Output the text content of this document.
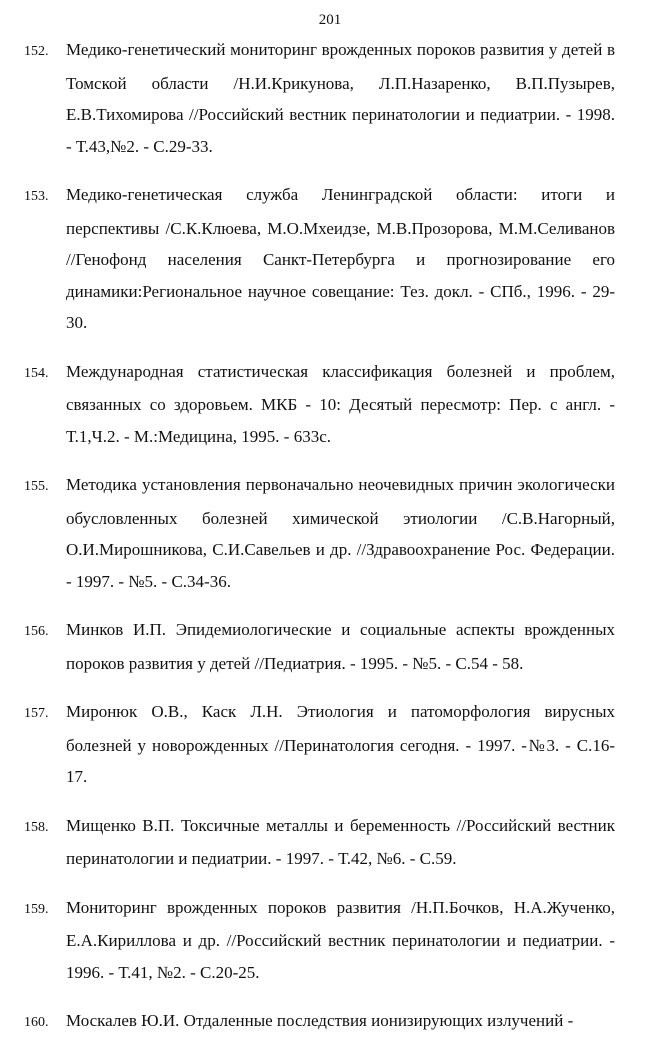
201

152. Медико-генетический мониторинг врожденных пороков развития у детей в Томской области /Н.И.Крикунова, Л.П.Назаренко, В.П.Пузырев, Е.В.Тихомирова //Российский вестник перинатологии и педиатрии. - 1998. - Т.43,№2. - С.29-33.

153. Медико-генетическая служба Ленинградской области: итоги и перспективы /С.К.Клюева, М.О.Мхеидзе, М.В.Прозорова, М.М.Селиванов //Генофонд населения Санкт-Петербурга и прогнозирование его динамики:Региональное научное совещание: Тез. докл. - СПб., 1996. - 29-30.

154. Международная статистическая классификация болезней и проблем, связанных со здоровьем. МКБ - 10: Десятый пересмотр: Пер. с англ. - Т.1,Ч.2. - М.:Медицина, 1995. - 633с.

155. Методика установления первоначально неочевидных причин экологически обусловленных болезней химической этиологии /С.В.Нагорный, О.И.Мирошникова, С.И.Савельев и др. //Здравоохранение Рос. Федерации. - 1997. - №5. - С.34-36.

156. Минков И.П. Эпидемиологические и социальные аспекты врожденных пороков развития у детей //Педиатрия. - 1995. - №5. - С.54 - 58.

157. Миронюк О.В., Каск Л.Н. Этиология и патоморфология вирусных болезней у новорожденных //Перинатология сегодня. - 1997. -№3. - С.16-17.

158. Мищенко В.П. Токсичные металлы и беременность //Российский вестник перинатологии и педиатрии. - 1997. - Т.42, №6. - С.59.

159. Мониторинг врожденных пороков развития /Н.П.Бочков, Н.А.Жученко, Е.А.Кириллова и др. //Российский вестник перинатологии и педиатрии. - 1996. - Т.41, №2. - С.20-25.

160. Москалев Ю.И. Отдаленные последствия ионизирующих излучений -
